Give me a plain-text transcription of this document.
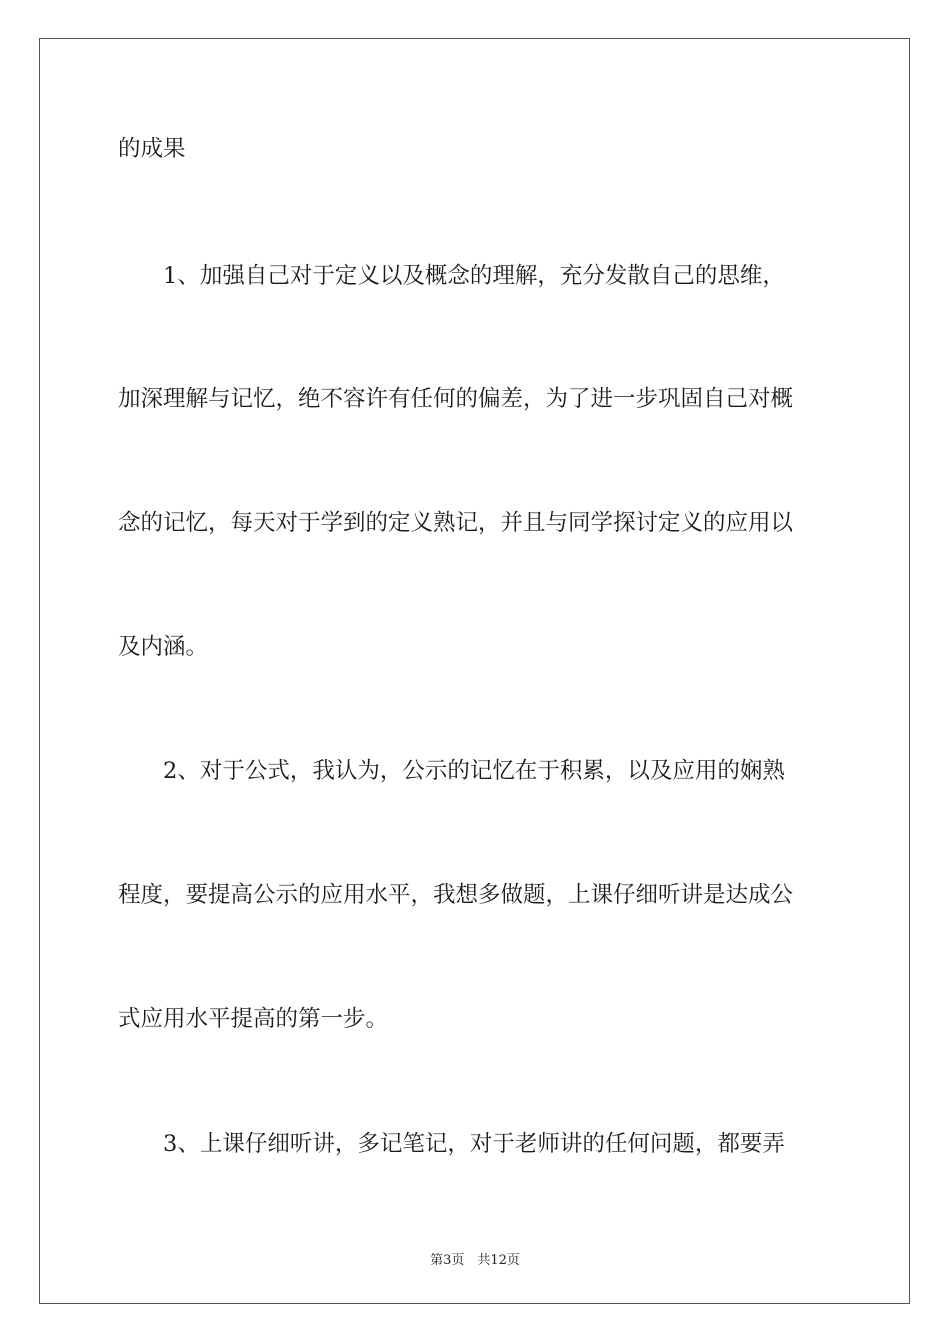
的成果
1、加强自己对于定义以及概念的理解，充分发散自己的思维，
加深理解与记忆，绝不容许有任何的偏差，为了进一步巩固自己对概
念的记忆，每天对于学到的定义熟记，并且与同学探讨定义的应用以
及内涵。
2、对于公式，我认为，公示的记忆在于积累，以及应用的娴熟
程度，要提高公示的应用水平，我想多做题，上课仔细听讲是达成公
式应用水平提高的第一步。
3、上课仔细听讲，多记笔记，对于老师讲的任何问题，都要弄
第3页　共12页
